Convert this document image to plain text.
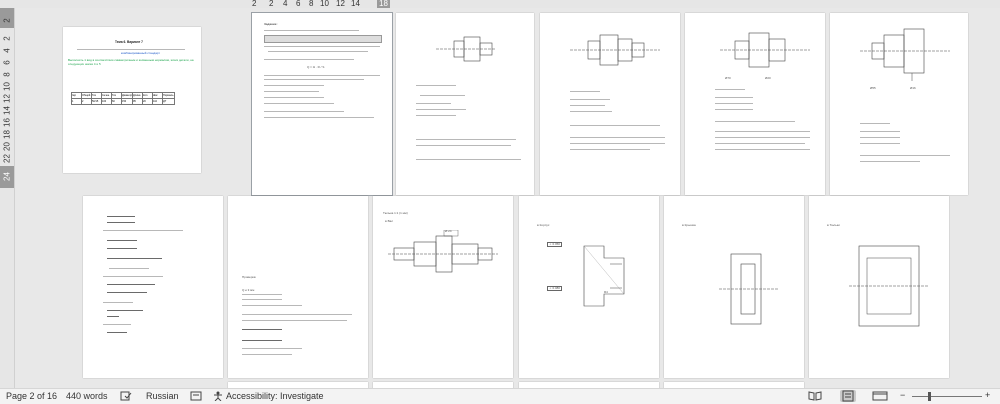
2 2 4 6 8 10 12 14 18
2
2
4
6
8
10
12
14
16
18
20
22
24
Тема 6. Вариант 7
комбинированный стандарт
Выполнить 1 вид в соответствии симметричным и косвенным нормалям, эскиз детали, на следующих шагах 4 и 5
№р	Общий	Ток	Сечен.	Ток	Диаметр	Длина	Кол.	Шаг	Нормаль
1	2	50/15	100	60	150	95	20	110	ДТ
Задание:
Q = Ω · R / S
Ø70	Ø20
Ø55	Ø16
Q ≥ 3 мм
Проверка:
Тюлька 1:1 (1 мм)
● Вал
Ø 24
● Корпус
⊥ 0.050
⊥ 0.080
R4
● Крышка	● Тюльки
Page 2 of 16 440 words	Russian	Accessibility: Investigate	−	+
